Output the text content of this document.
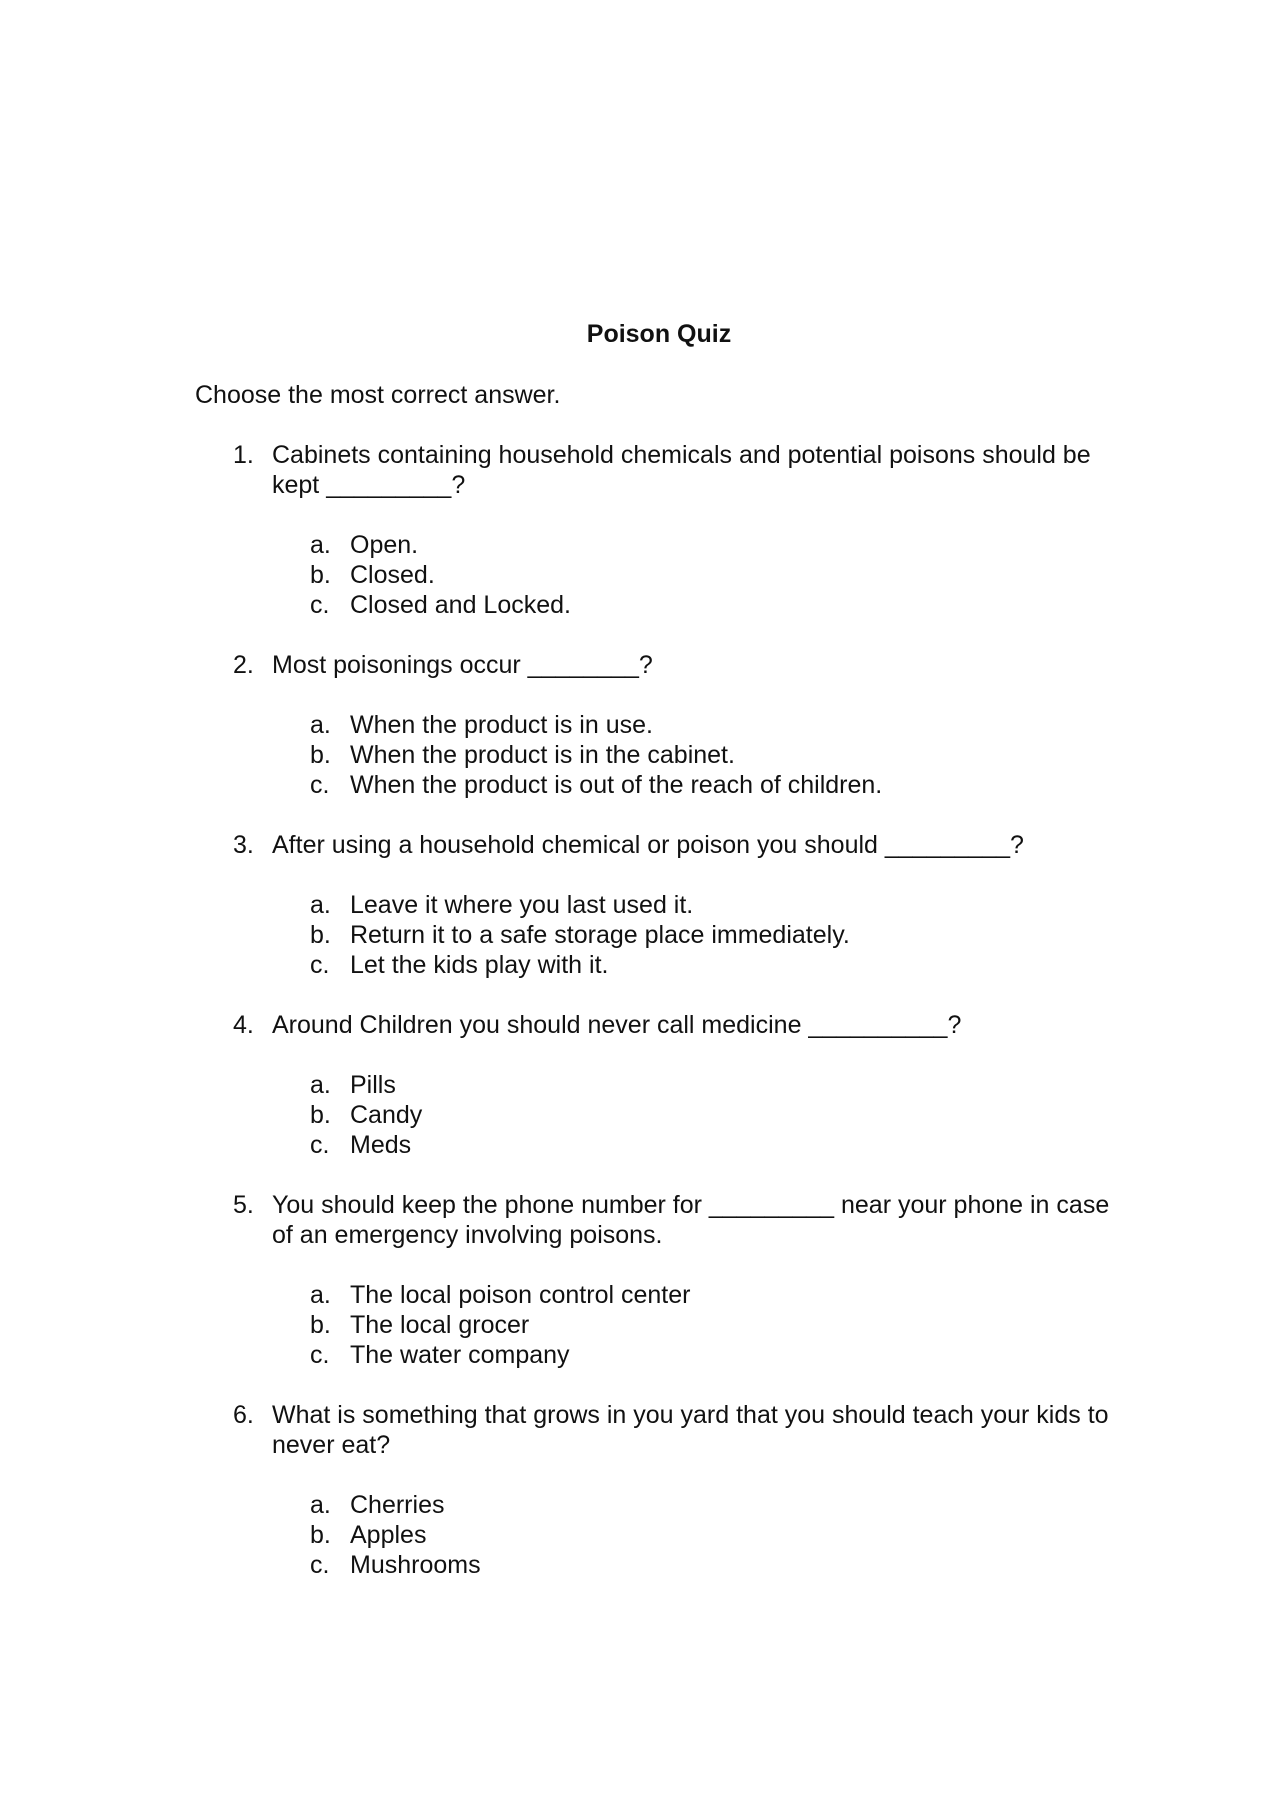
Poison Quiz
Choose the most correct answer.
1. Cabinets containing household chemicals and potential poisons should be kept _________?
a. Open.
b. Closed.
c. Closed and Locked.
2. Most poisonings occur ________?
a. When the product is in use.
b. When the product is in the cabinet.
c. When the product is out of the reach of children.
3. After using a household chemical or poison you should _________?
a. Leave it where you last used it.
b. Return it to a safe storage place immediately.
c. Let the kids play with it.
4. Around Children you should never call medicine __________?
a. Pills
b. Candy
c. Meds
5. You should keep the phone number for _________ near your phone in case of an emergency involving poisons.
a. The local poison control center
b. The local grocer
c. The water company
6. What is something that grows in you yard that you should teach your kids to never eat?
a. Cherries
b. Apples
c. Mushrooms
